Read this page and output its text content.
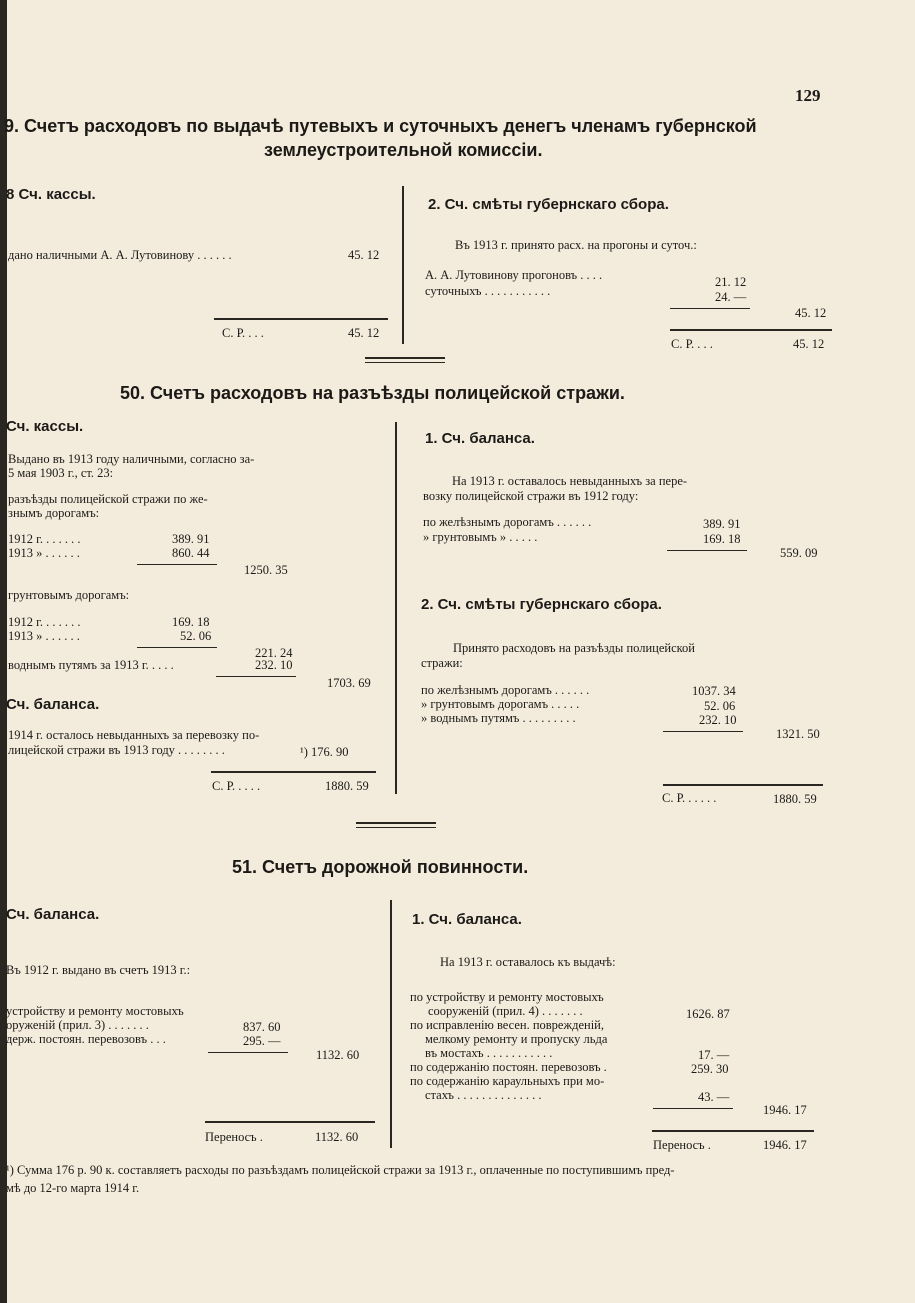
129
9. Счетъ расходовъ по выдачѣ путевыхъ и суточныхъ денегъ членамъ губернской
землеустроительной комиссіи.
8 Сч. кассы.
дано наличными А. А. Лутовинову . . . . . .	45. 12
С. Р. . . .	45. 12
2. Сч. смѣты губернскаго сбора.
Въ 1913 г. принято расх. на прогоны и суточ.:
А. А. Лутовинову прогоновъ . . . .	21. 12
суточныхъ . . . . . . . . . . .	24. —
45. 12
С. Р. . . .	45. 12
50. Счетъ расходовъ на разъѣзды полицейской стражи.
Сч. кассы.
Выдано въ 1913 году наличными, согласно за-
5 мая 1903 г., ст. 23:
разъѣзды полицейской стражи по же-
знымъ дорогамъ:
1912 г. . . . . . .	389. 91
1913 » . . . . . .	860. 44
1250. 35
грунтовымъ дорогамъ:
1912 г. . . . . . .	169. 18
1913 » . . . . . .	52. 06
221. 24
воднымъ путямъ за 1913 г. . . . .	232. 10
1703. 69
Сч. баланса.
1914 г. осталось невыданныхъ за перевозку по-
лицейской стражи въ 1913 году . . . . . . . .	¹) 176. 90
С. Р. . . . .	1880. 59
1. Сч. баланса.
На 1913 г. оставалось невыданныхъ за пере-
возку полицейской стражи въ 1912 году:
по желѣзнымъ дорогамъ . . . . . .	389. 91
» грунтовымъ » . . . . .	169. 18
559. 09
2. Сч. смѣты губернскаго сбора.
Принято расходовъ на разъѣзды полицейской
стражи:
по желѣзнымъ дорогамъ . . . . . .	1037. 34
» грунтовымъ дорогамъ . . . . .	52. 06
» воднымъ путямъ . . . . . . . . .	232. 10
1321. 50
С. Р. . . . . .	1880. 59
51. Счетъ дорожной повинности.
Сч. баланса.
Въ 1912 г. выдано въ счетъ 1913 г.:
устройству и ремонту мостовыхъ
оруженій (прил. 3) . . . . . . .	837. 60
держ. постоян. перевозовъ . . .	295. —
1132. 60
Переносъ .	1132. 60
1. Сч. баланса.
На 1913 г. оставалось къ выдачѣ:
по устройству и ремонту мостовыхъ
сооруженій (прил. 4) . . . . . . .	1626. 87
по исправленію весен. поврежденій,
мелкому ремонту и пропуску льда
въ мостахъ . . . . . . . . . . .	17. —
по содержанію постоян. перевозовъ .	259. 30
по содержанію караульныхъ при мо-
стахъ . . . . . . . . . . . . . .	43. —
1946. 17
Переносъ .	1946. 17
¹) Сумма 176 р. 90 к. составляетъ расходы по разъѣздамъ полицейской стражи за 1913 г., оплаченные по поступившимъ пред-
мѣ до 12-го марта 1914 г.
